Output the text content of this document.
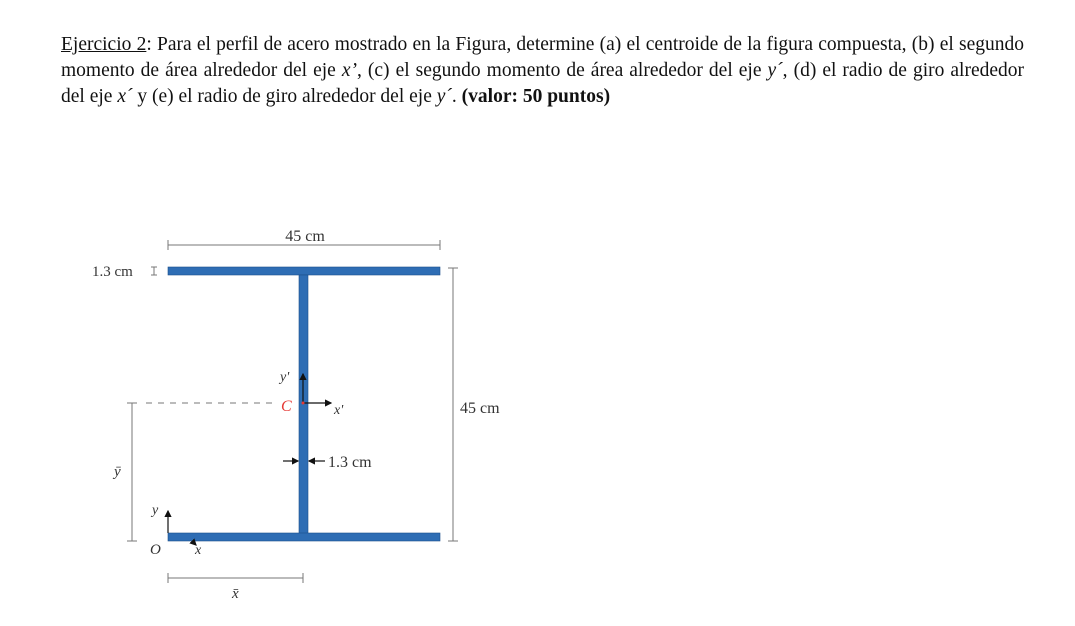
Ejercicio 2: Para el perfil de acero mostrado en la Figura, determine (a) el centroide de la figura compuesta, (b) el segundo momento de área alrededor del eje x’, (c) el segundo momento de área alrededor del eje y´, (d) el radio de giro alrededor del eje x´ y (e) el radio de giro alrededor del eje y´. (valor: 50 puntos)
45 cm
45 cm
1.3 cm
1.3 cm
C	x'
y'
x
y
O
x̄
ȳ
